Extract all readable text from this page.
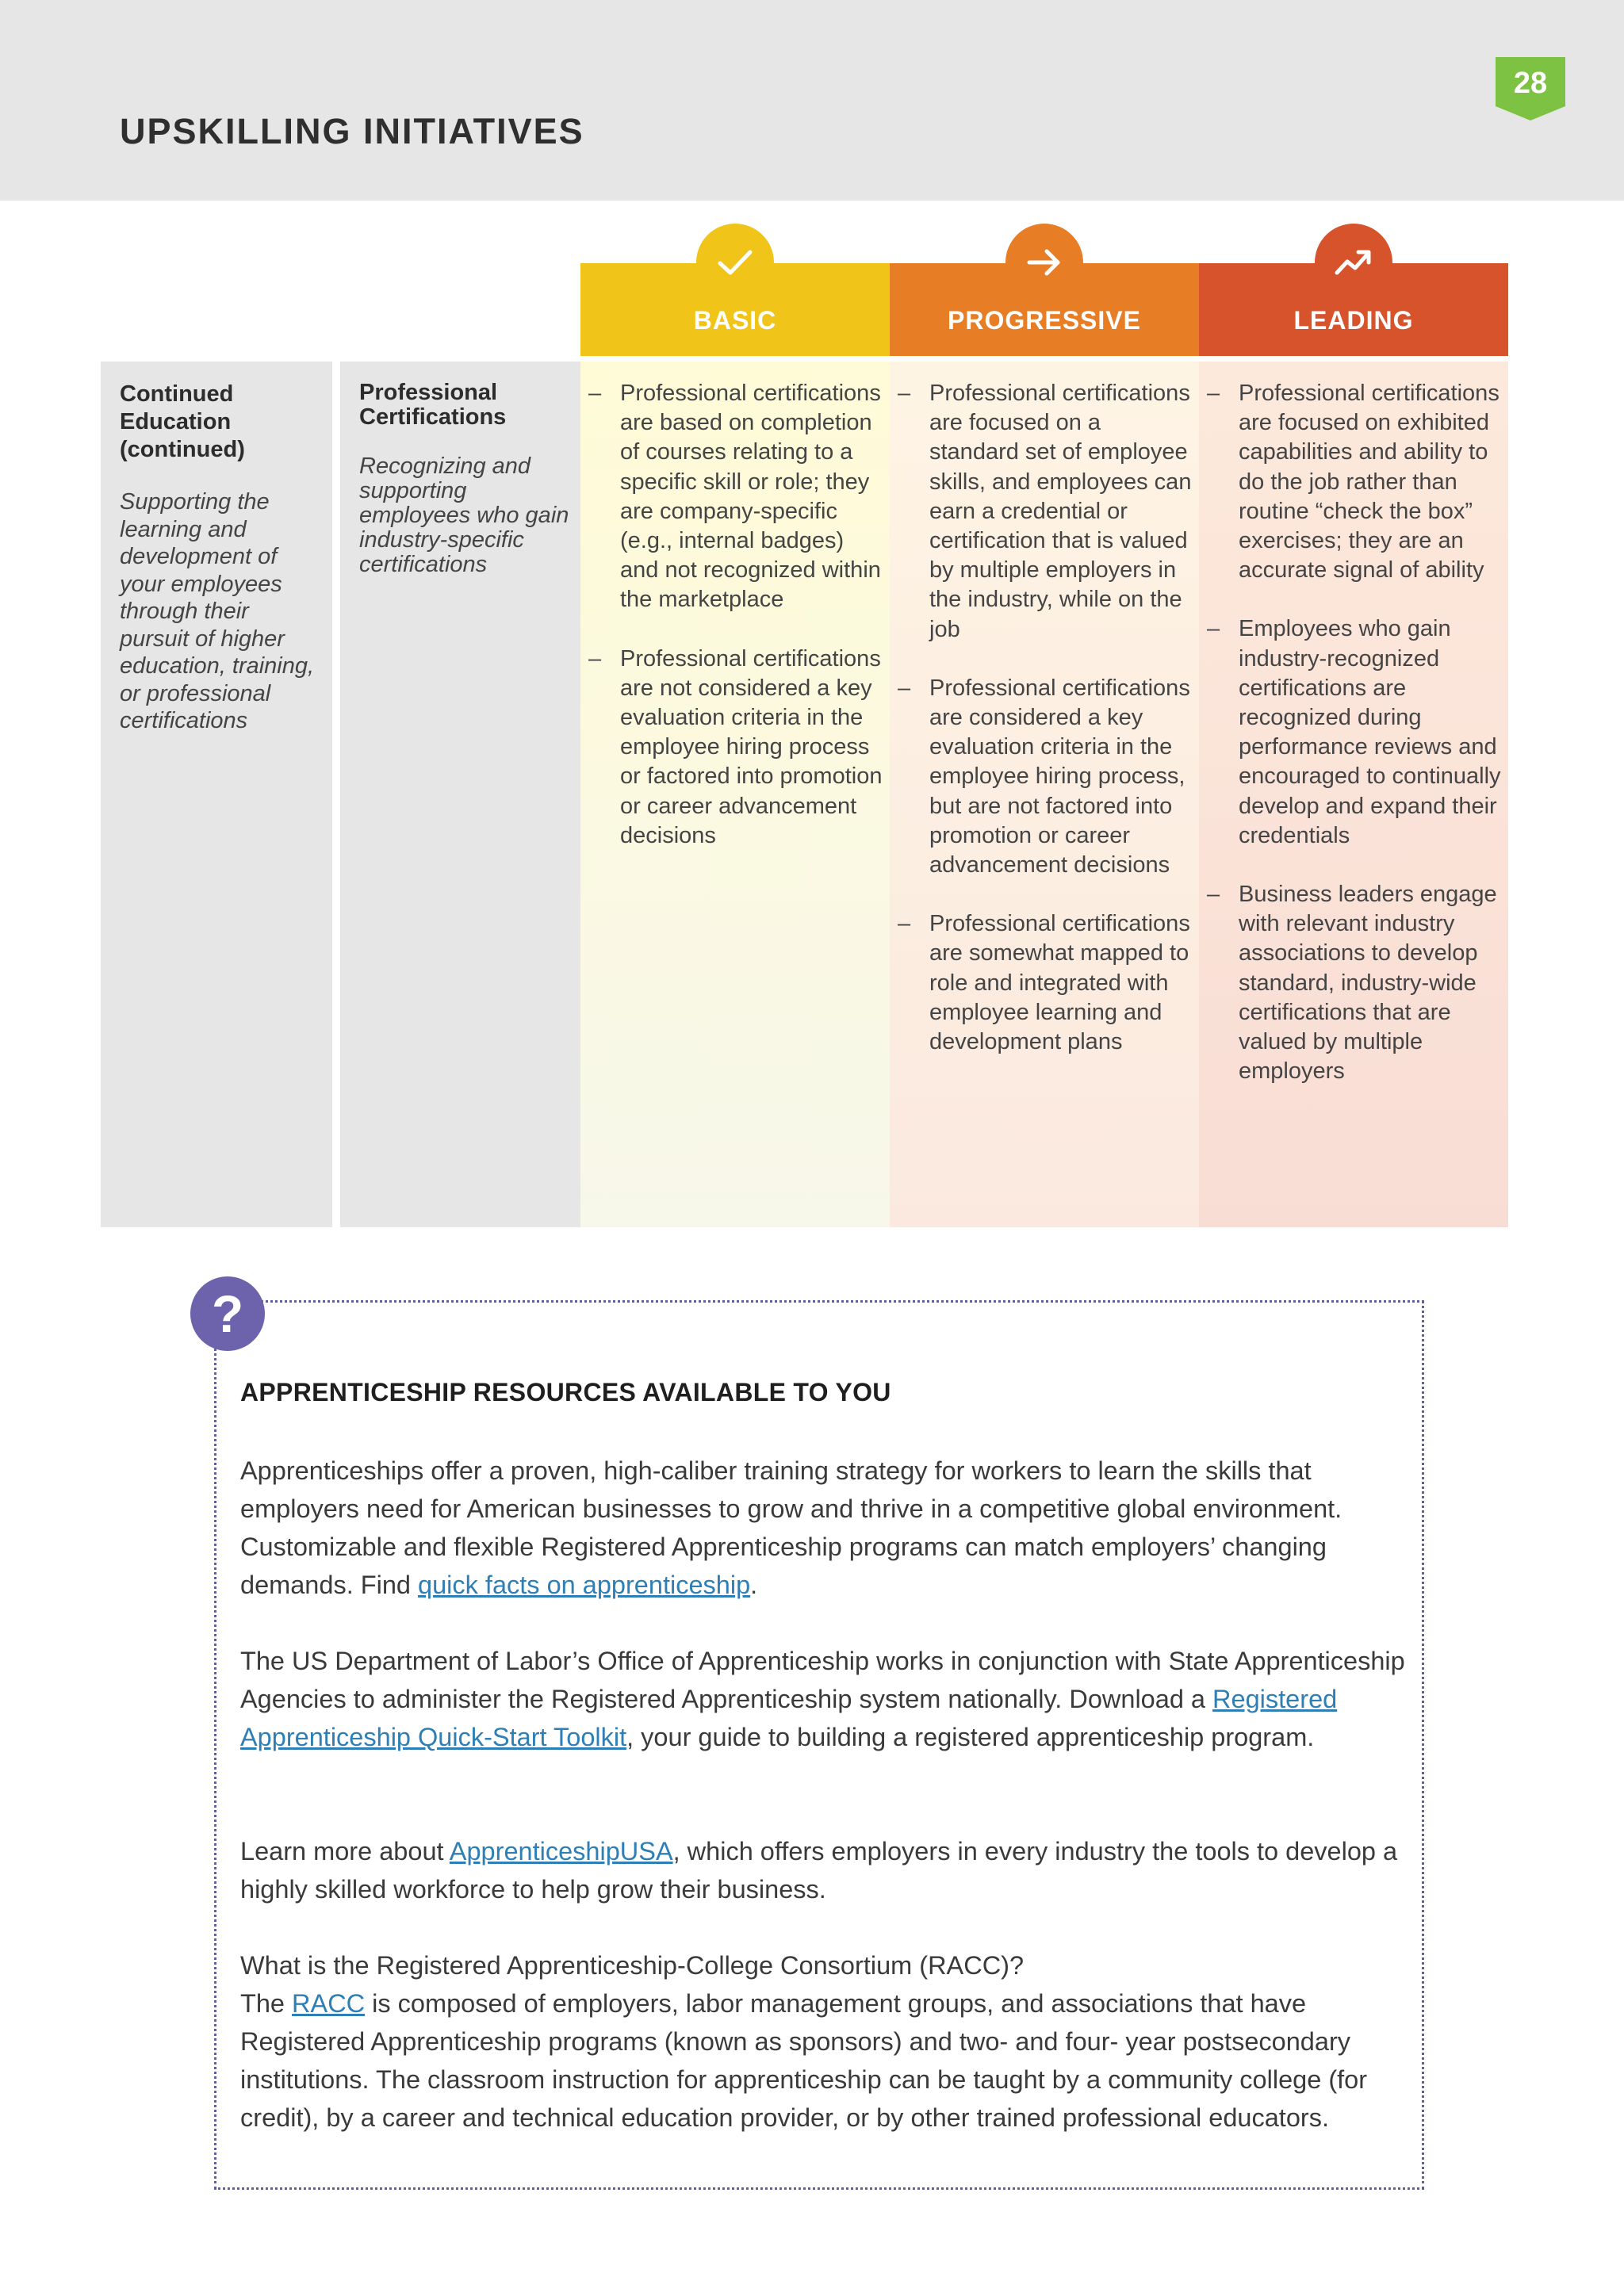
UPSKILLING INITIATIVES
28
BASIC	PROGRESSIVE	LEADING
Continued Education (continued)
Supporting the learning and development of your employees through their pursuit of higher education, training, or professional certifications
Professional Certifications
Recognizing and supporting employees who gain industry-specific certifications
– Professional certifications are based on completion of courses relating to a specific skill or role; they are company-specific (e.g., internal badges) and not recognized within the marketplace
– Professional certifications are not considered a key evaluation criteria in the employee hiring process or factored into promotion or career advancement decisions
– Professional certifications are focused on a standard set of employee skills, and employees can earn a credential or certification that is valued by multiple employers in the industry, while on the job
– Professional certifications are considered a key evaluation criteria in the employee hiring process, but are not factored into promotion or career advancement decisions
– Professional certifications are somewhat mapped to role and integrated with employee learning and development plans
– Professional certifications are focused on exhibited capabilities and ability to do the job rather than routine “check the box” exercises; they are an accurate signal of ability
– Employees who gain industry-recognized certifications are recognized during performance reviews and encouraged to continually develop and expand their credentials
– Business leaders engage with relevant industry associations to develop standard, industry-wide certifications that are valued by multiple employers
?
APPRENTICESHIP RESOURCES AVAILABLE TO YOU

Apprenticeships offer a proven, high-caliber training strategy for workers to learn the skills that employers need for American businesses to grow and thrive in a competitive global environment. Customizable and flexible Registered Apprenticeship programs can match employers’ changing demands. Find quick facts on apprenticeship.

The US Department of Labor’s Office of Apprenticeship works in conjunction with State Apprenticeship Agencies to administer the Registered Apprenticeship system nationally. Download a Registered Apprenticeship Quick-Start Toolkit, your guide to building a registered apprenticeship program.

Learn more about ApprenticeshipUSA, which offers employers in every industry the tools to develop a highly skilled workforce to help grow their business.

What is the Registered Apprenticeship-College Consortium (RACC)?
The RACC is composed of employers, labor management groups, and associations that have Registered Apprenticeship programs (known as sponsors) and two- and four- year postsecondary institutions. The classroom instruction for apprenticeship can be taught by a community college (for credit), by a career and technical education provider, or by other trained professional educators.
